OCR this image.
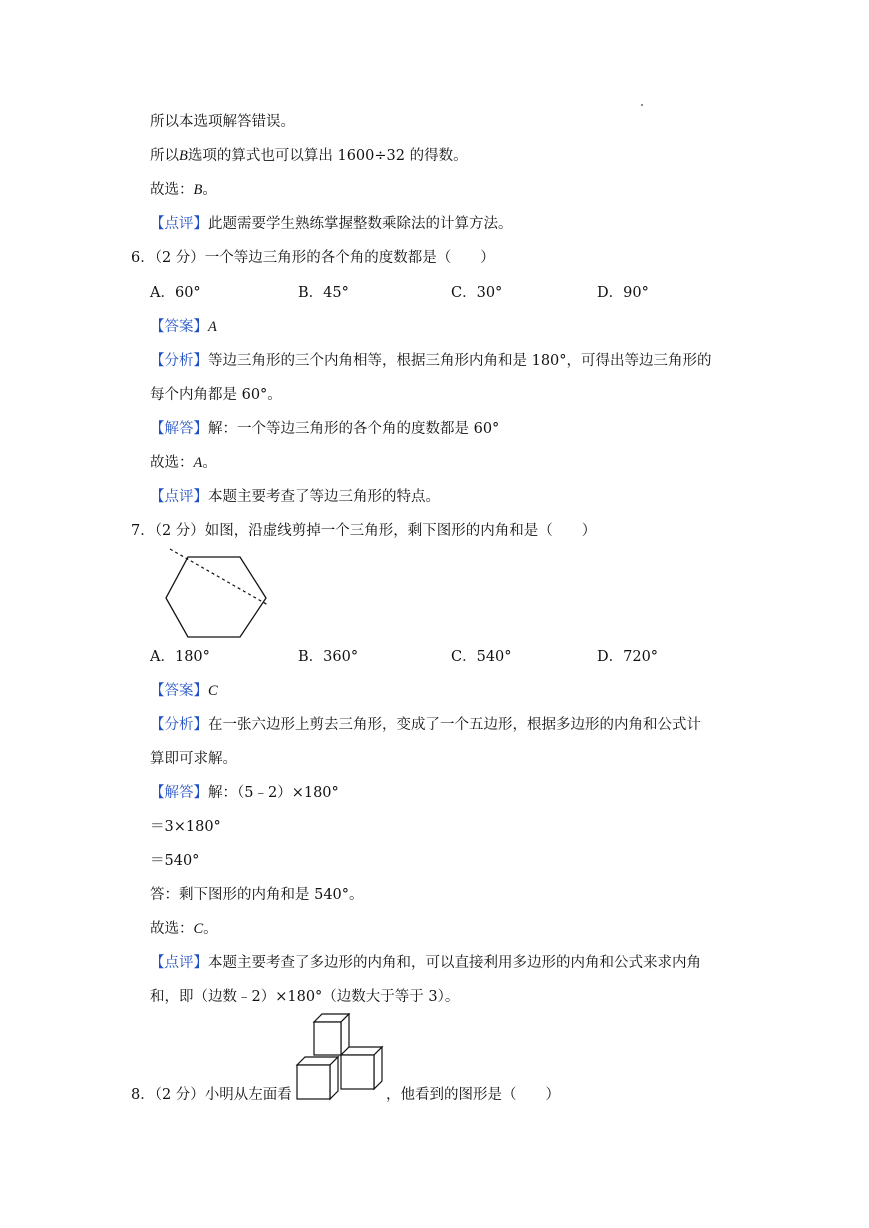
所以本选项解答错误。
所以B选项的算式也可以算出 1600÷32 的得数。
故选：B。
【点评】此题需要学生熟练掌握整数乘除法的计算方法。
6．（2 分）一个等边三角形的各个角的度数都是（　　）
A．60°	B．45°	C．30°	D．90°
【答案】A
【分析】等边三角形的三个内角相等，根据三角形内角和是 180°，可得出等边三角形的
每个内角都是 60°。
【解答】解：一个等边三角形的各个角的度数都是 60°
故选：A。
【点评】本题主要考查了等边三角形的特点。
7．（2 分）如图，沿虚线剪掉一个三角形，剩下图形的内角和是（　　）
A．180°	B．360°	C．540°	D．720°
【答案】C
【分析】在一张六边形上剪去三角形，变成了一个五边形，根据多边形的内角和公式计
算即可求解。
【解答】解：（5﹣2）×180°
＝3×180°
＝540°
答：剩下图形的内角和是 540°。
故选：C。
【点评】本题主要考查了多边形的内角和，可以直接利用多边形的内角和公式来求内角
和，即（边数﹣2）×180°（边数大于等于 3）。
8．（2 分）小明从左面看	，他看到的图形是（　　）
